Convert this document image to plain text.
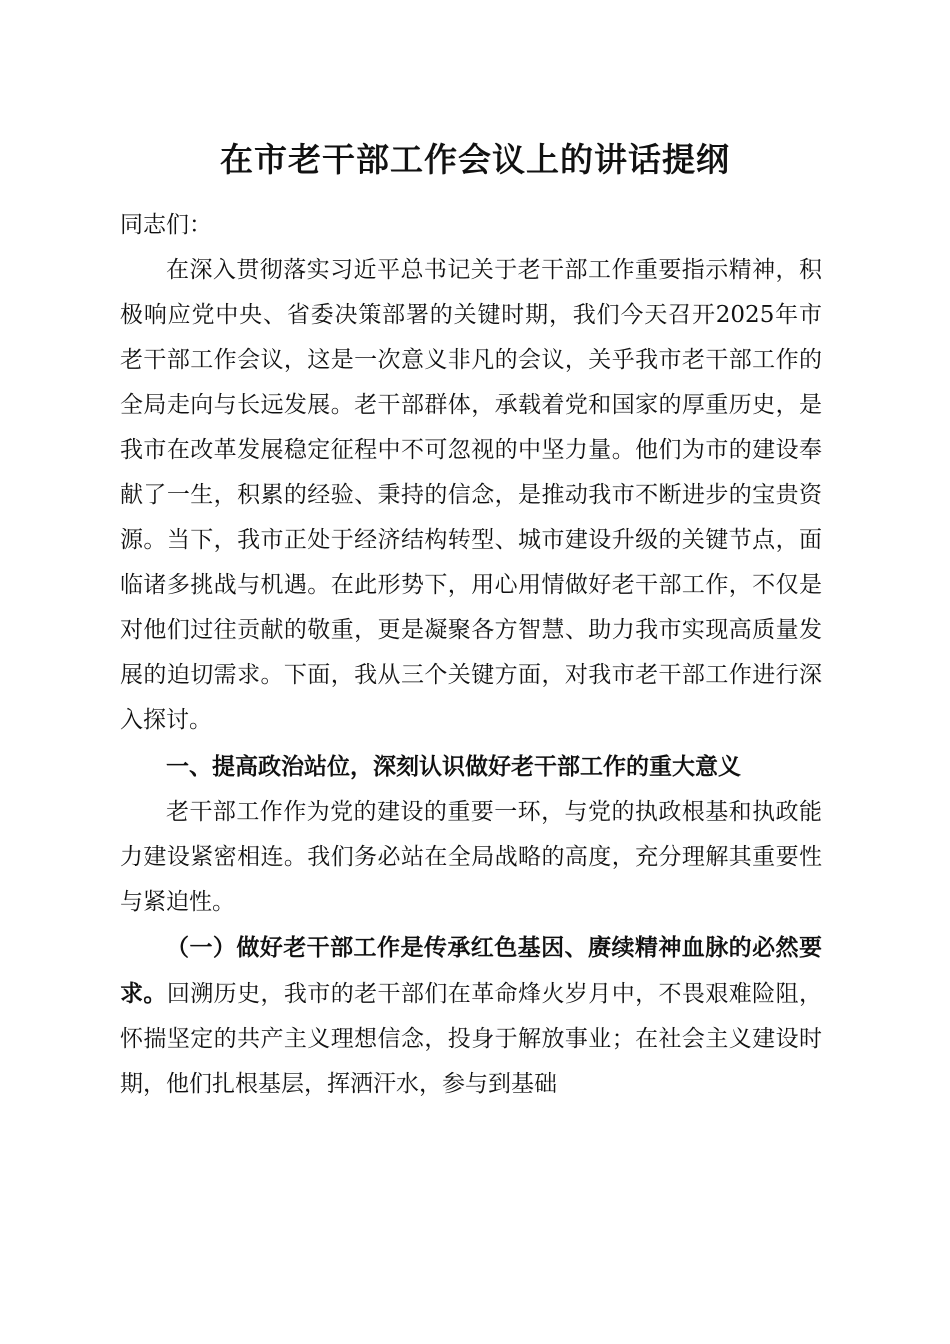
在市老干部工作会议上的讲话提纲

同志们：

在深入贯彻落实习近平总书记关于老干部工作重要指示精神，积极响应党中央、省委决策部署的关键时期，我们今天召开2025年市老干部工作会议，这是一次意义非凡的会议，关乎我市老干部工作的全局走向与长远发展。老干部群体，承载着党和国家的厚重历史，是我市在改革发展稳定征程中不可忽视的中坚力量。他们为市的建设奉献了一生，积累的经验、秉持的信念，是推动我市不断进步的宝贵资源。当下，我市正处于经济结构转型、城市建设升级的关键节点，面临诸多挑战与机遇。在此形势下，用心用情做好老干部工作，不仅是对他们过往贡献的敬重，更是凝聚各方智慧、助力我市实现高质量发展的迫切需求。下面，我从三个关键方面，对我市老干部工作进行深入探讨。

一、提高政治站位，深刻认识做好老干部工作的重大意义

老干部工作作为党的建设的重要一环，与党的执政根基和执政能力建设紧密相连。我们务必站在全局战略的高度，充分理解其重要性与紧迫性。

（一）做好老干部工作是传承红色基因、赓续精神血脉的必然要求。回溯历史，我市的老干部们在革命烽火岁月中，不畏艰难险阻，怀揣坚定的共产主义理想信念，投身于解放事业；在社会主义建设时期，他们扎根基层，挥洒汗水，参与到基础
